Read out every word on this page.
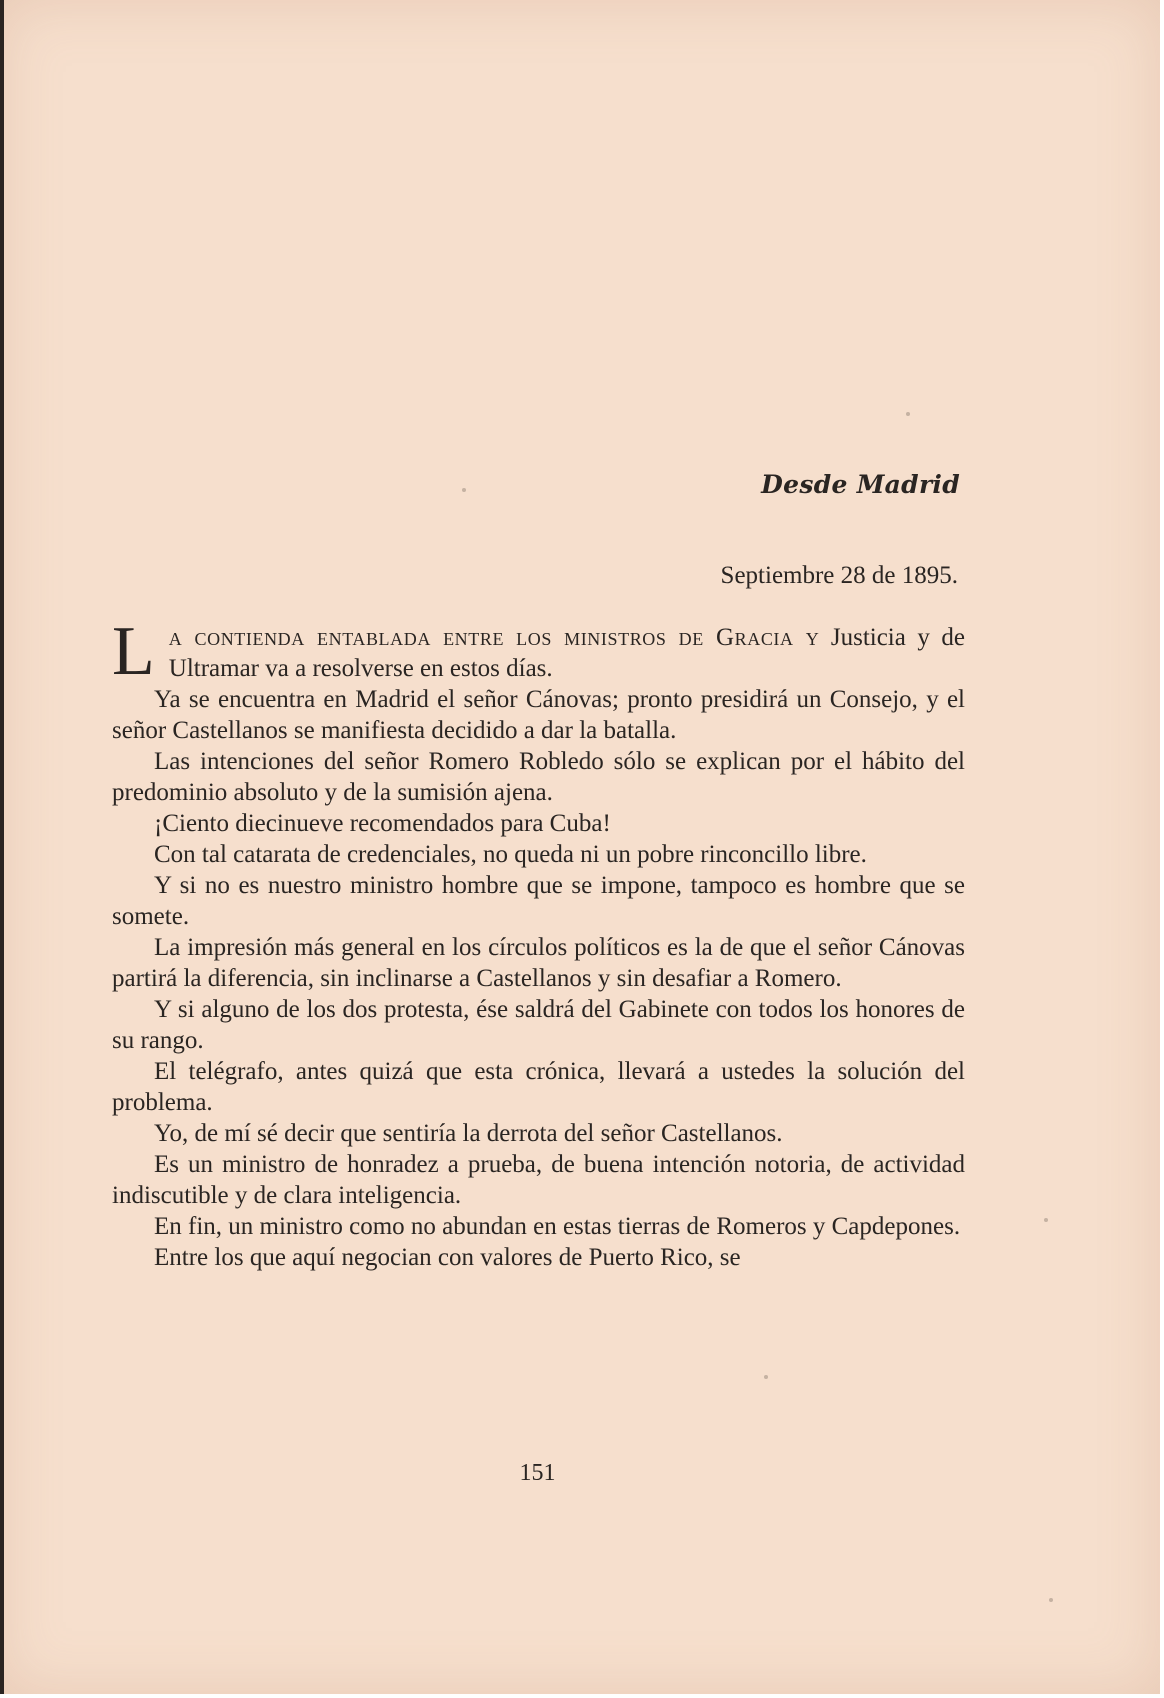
Desde Madrid
Septiembre 28 de 1895.

La contienda entablada entre los ministros de Gracia y Justicia y de Ultramar va a resolverse en estos días.

Ya se encuentra en Madrid el señor Cánovas; pronto presidirá un Consejo, y el señor Castellanos se manifiesta decidido a dar la batalla.

Las intenciones del señor Romero Robledo sólo se explican por el hábito del predominio absoluto y de la sumisión ajena.

¡Ciento diecinueve recomendados para Cuba!

Con tal catarata de credenciales, no queda ni un pobre rinconcillo libre.

Y si no es nuestro ministro hombre que se impone, tampoco es hombre que se somete.

La impresión más general en los círculos políticos es la de que el señor Cánovas partirá la diferencia, sin inclinarse a Castellanos y sin desafiar a Romero.

Y si alguno de los dos protesta, ése saldrá del Gabinete con todos los honores de su rango.

El telégrafo, antes quizá que esta crónica, llevará a ustedes la solución del problema.

Yo, de mí sé decir que sentiría la derrota del señor Castellanos.

Es un ministro de honradez a prueba, de buena intención notoria, de actividad indiscutible y de clara inteligencia.

En fin, un ministro como no abundan en estas tierras de Romeros y Capdepones.

Entre los que aquí negocian con valores de Puerto Rico, se

151
